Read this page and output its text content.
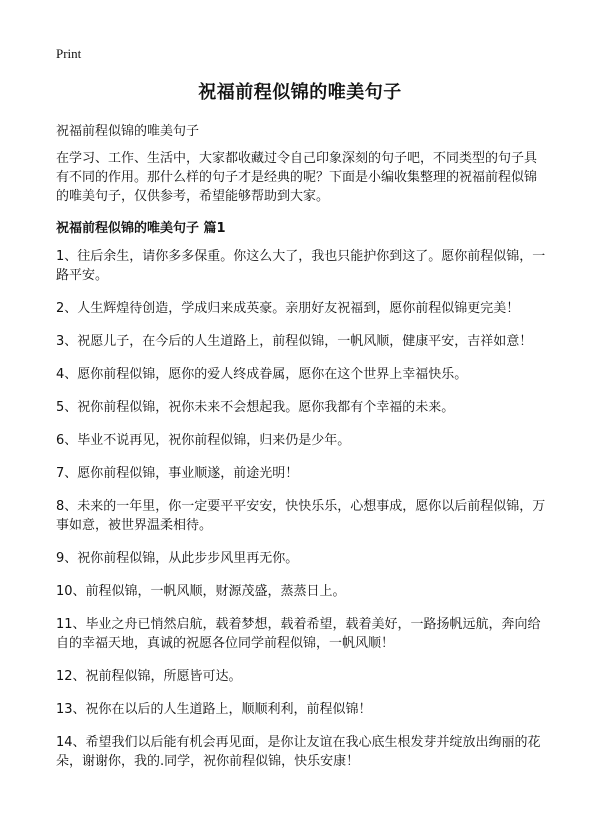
Print
祝福前程似锦的唯美句子

祝福前程似锦的唯美句子

在学习、工作、生活中，大家都收藏过令自己印象深刻的句子吧，不同类型的句子具有不同的作用。那什么样的句子才是经典的呢？下面是小编收集整理的祝福前程似锦的唯美句子，仅供参考，希望能够帮助到大家。

祝福前程似锦的唯美句子 篇1
1、往后余生，请你多多保重。你这么大了，我也只能护你到这了。愿你前程似锦，一路平安。
2、人生辉煌待创造，学成归来成英豪。亲朋好友祝福到，愿你前程似锦更完美！
3、祝愿儿子，在今后的人生道路上，前程似锦，一帆风顺，健康平安，吉祥如意！
4、愿你前程似锦，愿你的爱人终成眷属，愿你在这个世界上幸福快乐。
5、祝你前程似锦，祝你未来不会想起我。愿你我都有个幸福的未来。
6、毕业不说再见，祝你前程似锦，归来仍是少年。
7、愿你前程似锦，事业顺遂，前途光明！
8、未来的一年里，你一定要平平安安，快快乐乐，心想事成，愿你以后前程似锦，万事如意，被世界温柔相待。
9、祝你前程似锦，从此步步风里再无你。
10、前程似锦，一帆风顺，财源茂盛，蒸蒸日上。
11、毕业之舟已悄然启航，载着梦想，载着希望，载着美好，一路扬帆远航，奔向给自的幸福天地，真诚的祝愿各位同学前程似锦，一帆风顺！
12、祝前程似锦，所愿皆可达。
13、祝你在以后的人生道路上，顺顺利利，前程似锦！
14、希望我们以后能有机会再见面，是你让友谊在我心底生根发芽并绽放出绚丽的花朵，谢谢你，我的.同学，祝你前程似锦，快乐安康！
